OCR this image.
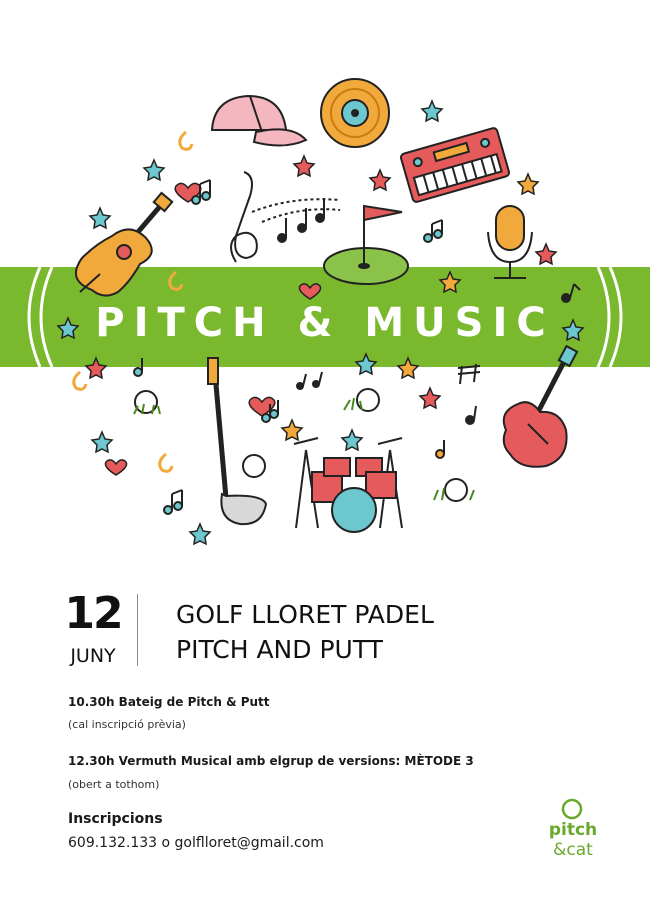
PITCH & MUSIC
12
JUNY
GOLF LLORET PADEL
PITCH AND PUTT
10.30h Bateig de Pitch & Putt
(cal inscripció prèvia)
12.30h Vermuth Musical amb elgrup de versions: MÈTODE 3
(obert a tothom)
Inscripcions
609.132.133 o golflloret@gmail.com
pitch
&cat
